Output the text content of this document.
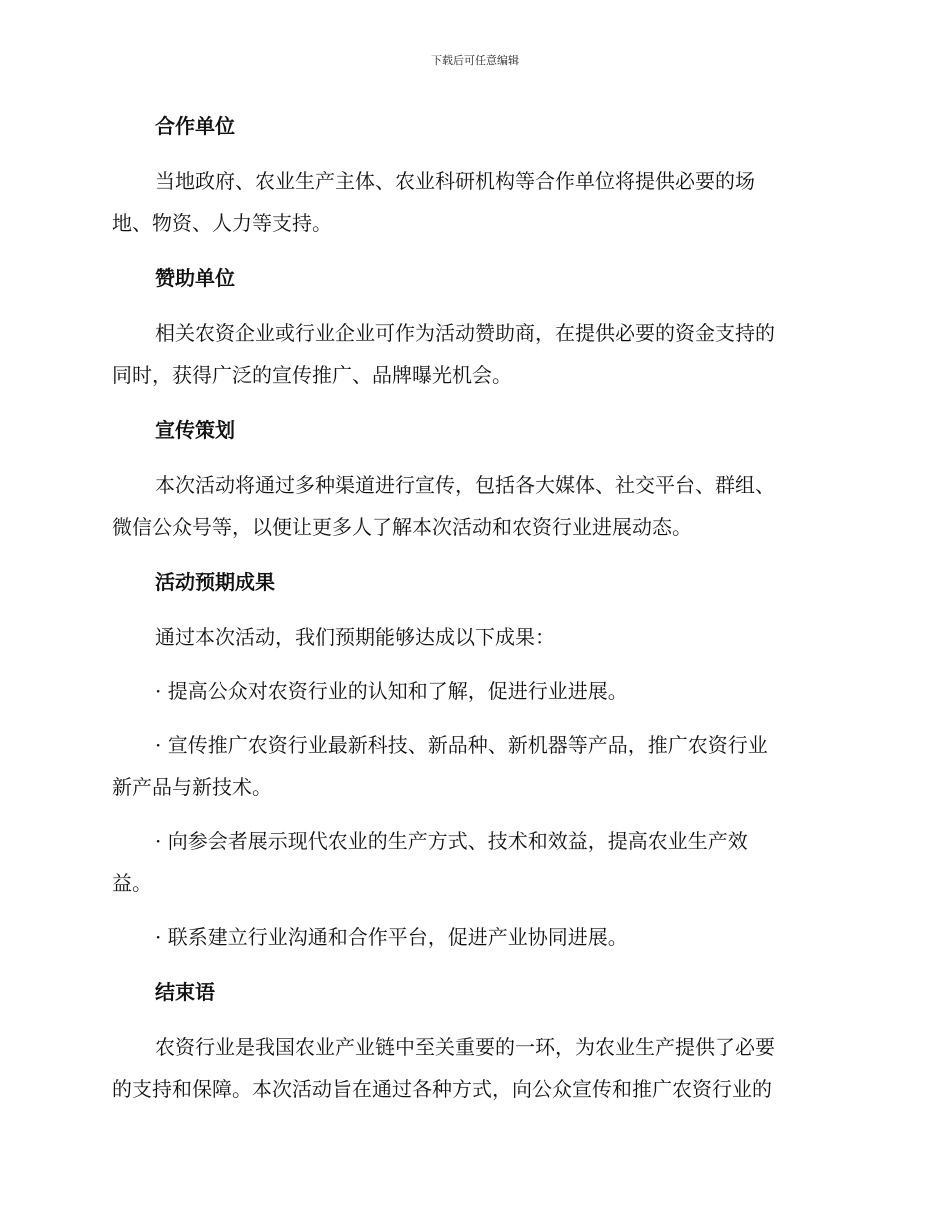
下载后可任意编辑
合作单位

当地政府、农业生产主体、农业科研机构等合作单位将提供必要的场
地、物资、人力等支持。

赞助单位

相关农资企业或行业企业可作为活动赞助商，在提供必要的资金支持的
同时，获得广泛的宣传推广、品牌曝光机会。

宣传策划

本次活动将通过多种渠道进行宣传，包括各大媒体、社交平台、群组、
微信公众号等，以便让更多人了解本次活动和农资行业进展动态。

活动预期成果

通过本次活动，我们预期能够达成以下成果：

· 提高公众对农资行业的认知和了解，促进行业进展。

· 宣传推广农资行业最新科技、新品种、新机器等产品，推广农资行业
新产品与新技术。

· 向参会者展示现代农业的生产方式、技术和效益，提高农业生产效
益。

· 联系建立行业沟通和合作平台，促进产业协同进展。

结束语

农资行业是我国农业产业链中至关重要的一环，为农业生产提供了必要
的支持和保障。本次活动旨在通过各种方式，向公众宣传和推广农资行业的
